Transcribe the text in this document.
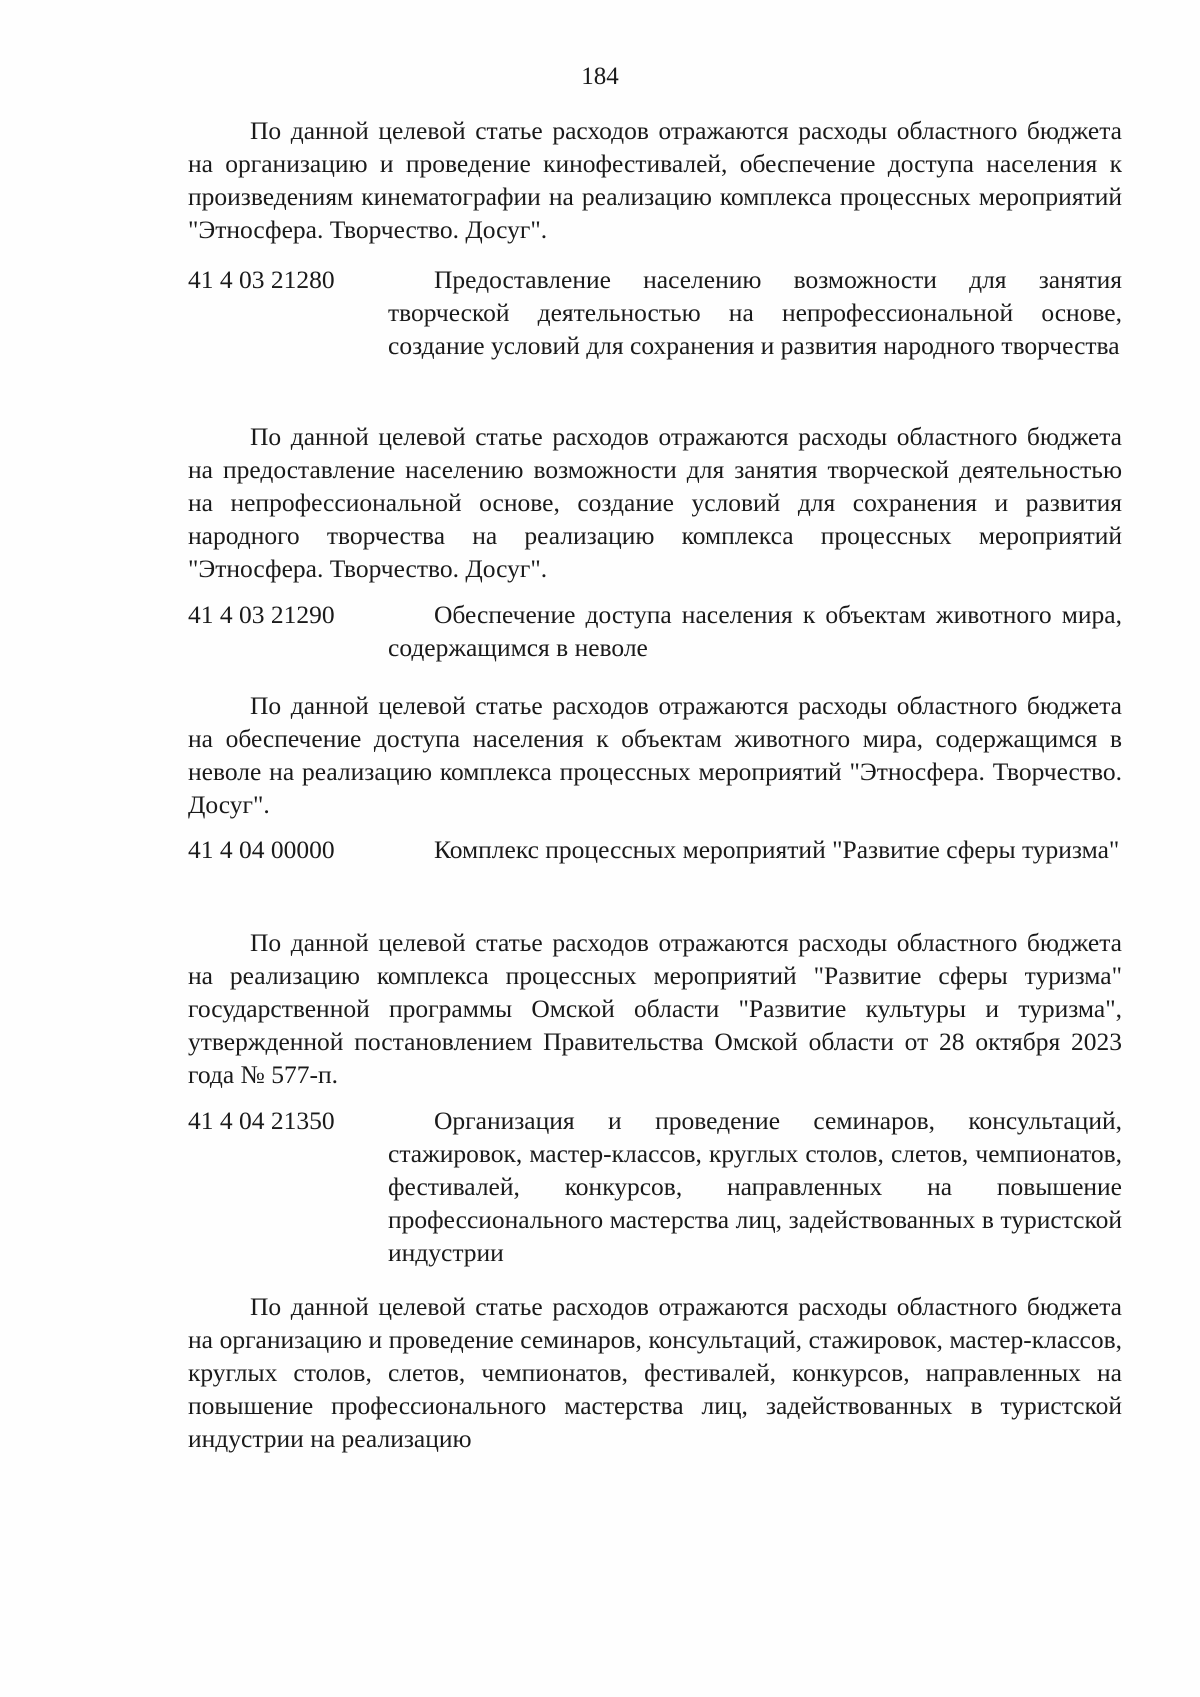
184

По данной целевой статье расходов отражаются расходы областного бюджета на организацию и проведение кинофестивалей, обеспечение доступа населения к произведениям кинематографии на реализацию комплекса процессных мероприятий "Этносфера. Творчество. Досуг".

41 4 03 21280	Предоставление населению возможности для занятия творческой деятельностью на непрофессиональной основе, создание условий для сохранения и развития народного творчества

По данной целевой статье расходов отражаются расходы областного бюджета на предоставление населению возможности для занятия творческой деятельностью на непрофессиональной основе, создание условий для сохранения и развития народного творчества на реализацию комплекса процессных мероприятий "Этносфера. Творчество. Досуг".

41 4 03 21290	Обеспечение доступа населения к объектам животного мира, содержащимся в неволе

По данной целевой статье расходов отражаются расходы областного бюджета на обеспечение доступа населения к объектам животного мира, содержащимся в неволе на реализацию комплекса процессных мероприятий "Этносфера. Творчество. Досуг".

41 4 04 00000	Комплекс процессных мероприятий "Развитие сферы туризма"

По данной целевой статье расходов отражаются расходы областного бюджета на реализацию комплекса процессных мероприятий "Развитие сферы туризма" государственной программы Омской области "Развитие культуры и туризма", утвержденной постановлением Правительства Омской области от 28 октября 2023 года № 577-п.

41 4 04 21350	Организация и проведение семинаров, консультаций, стажировок, мастер-классов, круглых столов, слетов, чемпионатов, фестивалей, конкурсов, направленных на повышение профессионального мастерства лиц, задействованных в туристской индустрии

По данной целевой статье расходов отражаются расходы областного бюджета на организацию и проведение семинаров, консультаций, стажировок, мастер-классов, круглых столов, слетов, чемпионатов, фестивалей, конкурсов, направленных на повышение профессионального мастерства лиц, задействованных в туристской индустрии на реализацию
